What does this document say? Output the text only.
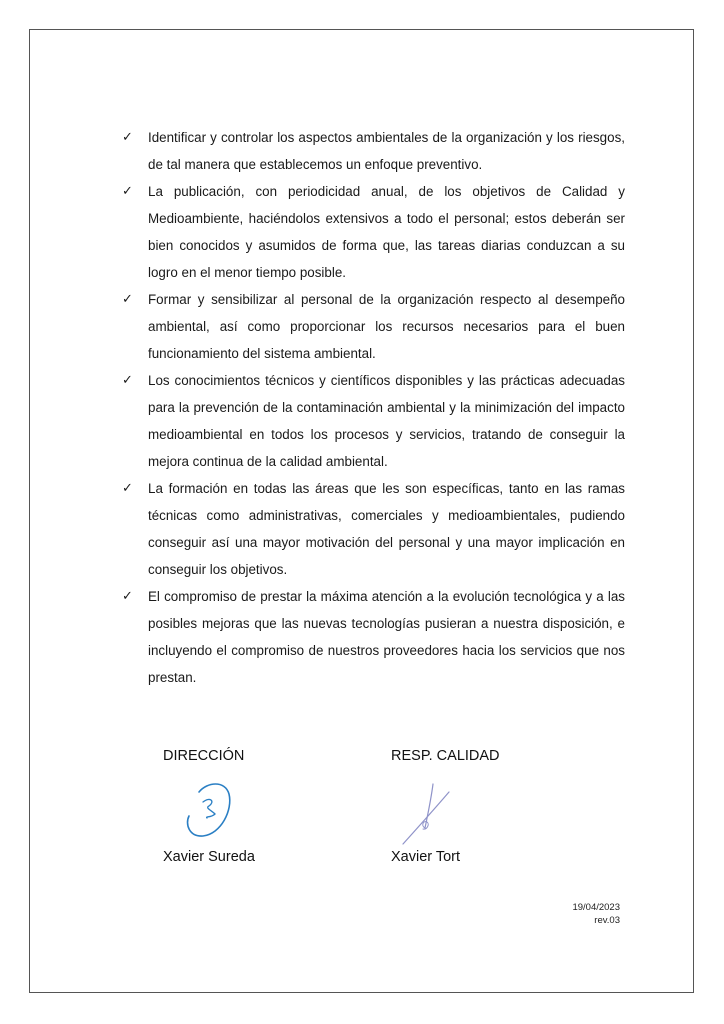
✓ Identificar y controlar los aspectos ambientales de la organización y los riesgos, de tal manera que establecemos un enfoque preventivo.
✓ La publicación, con periodicidad anual, de los objetivos de Calidad y Medioambiente, haciéndolos extensivos a todo el personal; estos deberán ser bien conocidos y asumidos de forma que, las tareas diarias conduzcan a su logro en el menor tiempo posible.
✓ Formar y sensibilizar al personal de la organización respecto al desempeño ambiental, así como proporcionar los recursos necesarios para el buen funcionamiento del sistema ambiental.
✓ Los conocimientos técnicos y científicos disponibles y las prácticas adecuadas para la prevención de la contaminación ambiental y la minimización del impacto medioambiental en todos los procesos y servicios, tratando de conseguir la mejora continua de la calidad ambiental.
✓ La formación en todas las áreas que les son específicas, tanto en las ramas técnicas como administrativas, comerciales y medioambientales, pudiendo conseguir así una mayor motivación del personal y una mayor implicación en conseguir los objetivos.
✓ El compromiso de prestar la máxima atención a la evolución tecnológica y a las posibles mejoras que las nuevas tecnologías pusieran a nuestra disposición, e incluyendo el compromiso de nuestros proveedores hacia los servicios que nos prestan.
DIRECCIÓN
Xavier Sureda
RESP. CALIDAD
Xavier Tort
19/04/2023
rev.03
